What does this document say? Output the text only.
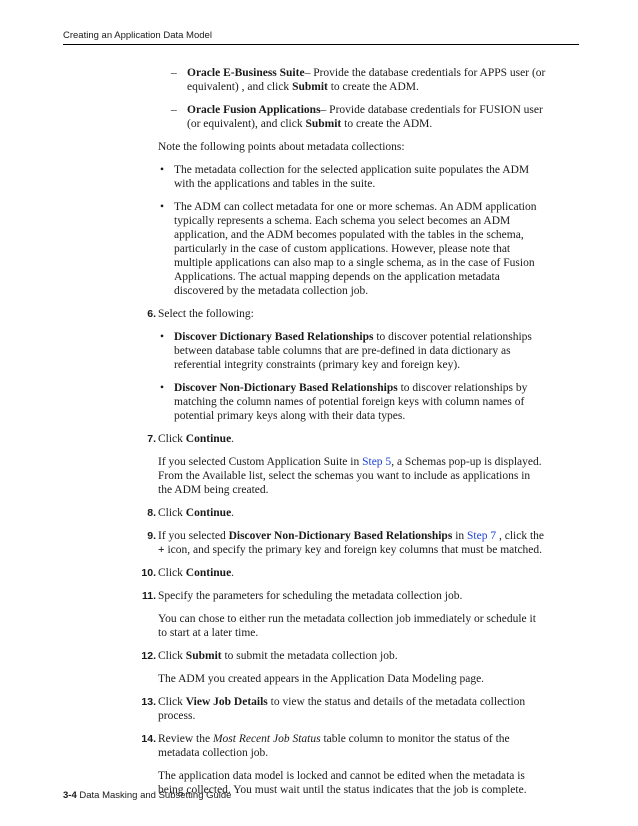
Creating an Application Data Model
– Oracle E-Business Suite– Provide the database credentials for APPS user (or equivalent) , and click Submit to create the ADM.

– Oracle Fusion Applications– Provide database credentials for FUSION user (or equivalent), and click Submit to create the ADM.

Note the following points about metadata collections:

• The metadata collection for the selected application suite populates the ADM with the applications and tables in the suite.

• The ADM can collect metadata for one or more schemas. An ADM application typically represents a schema. Each schema you select becomes an ADM application, and the ADM becomes populated with the tables in the schema, particularly in the case of custom applications. However, please note that multiple applications can also map to a single schema, as in the case of Fusion Applications. The actual mapping depends on the application metadata discovered by the metadata collection job.

6. Select the following:

• Discover Dictionary Based Relationships to discover potential relationships between database table columns that are pre-defined in data dictionary as referential integrity constraints (primary key and foreign key).

• Discover Non-Dictionary Based Relationships to discover relationships by matching the column names of potential foreign keys with column names of potential primary keys along with their data types.

7. Click Continue.

If you selected Custom Application Suite in Step 5, a Schemas pop-up is displayed. From the Available list, select the schemas you want to include as applications in the ADM being created.

8. Click Continue.

9. If you selected Discover Non-Dictionary Based Relationships in Step 7 , click the + icon, and specify the primary key and foreign key columns that must be matched.

10. Click Continue.

11. Specify the parameters for scheduling the metadata collection job.

You can chose to either run the metadata collection job immediately or schedule it to start at a later time.

12. Click Submit to submit the metadata collection job.

The ADM you created appears in the Application Data Modeling page.

13. Click View Job Details to view the status and details of the metadata collection process.

14. Review the Most Recent Job Status table column to monitor the status of the metadata collection job.

The application data model is locked and cannot be edited when the metadata is being collected. You must wait until the status indicates that the job is complete.

3-4 Data Masking and Subsetting Guide
